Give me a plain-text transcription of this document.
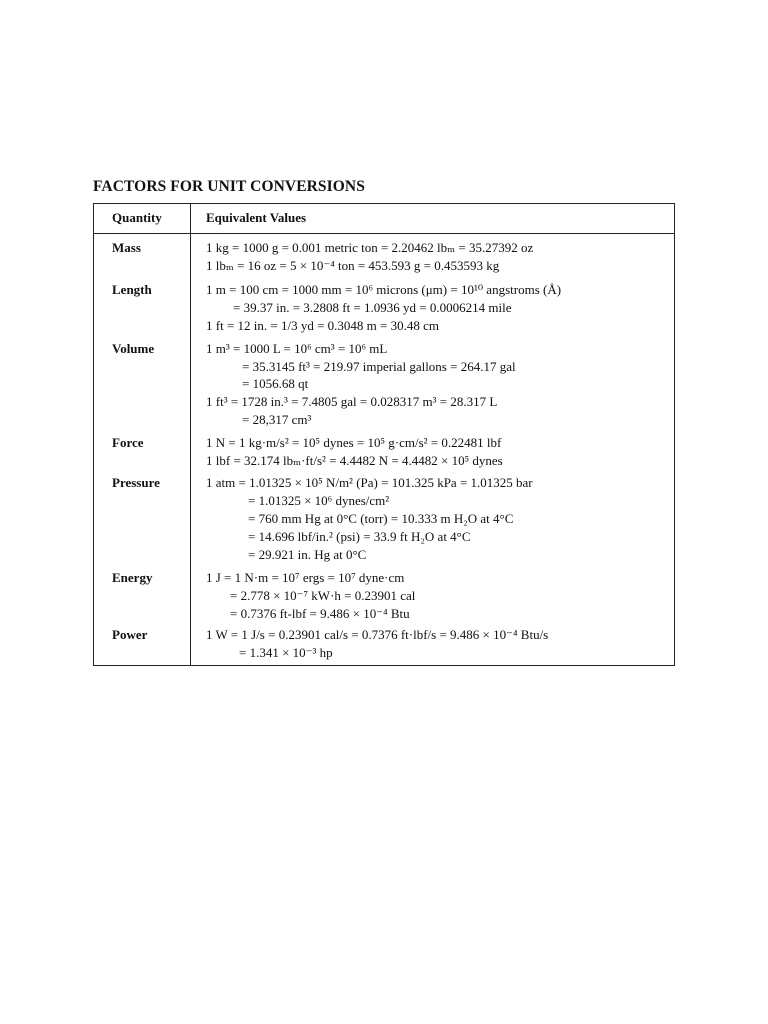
FACTORS FOR UNIT CONVERSIONS
Quantity	Equivalent Values
Mass	1 kg = 1000 g = 0.001 metric ton = 2.20462 lbₘ = 35.27392 oz
1 lbₘ = 16 oz = 5 × 10⁻⁴ ton = 453.593 g = 0.453593 kg
Length	1 m = 100 cm = 1000 mm = 10⁶ microns (μm) = 10¹⁰ angstroms (Å)
= 39.37 in. = 3.2808 ft = 1.0936 yd = 0.0006214 mile
1 ft = 12 in. = 1/3 yd = 0.3048 m = 30.48 cm
Volume	1 m³ = 1000 L = 10⁶ cm³ = 10⁶ mL
= 35.3145 ft³ = 219.97 imperial gallons = 264.17 gal
= 1056.68 qt
1 ft³ = 1728 in.³ = 7.4805 gal = 0.028317 m³ = 28.317 L
= 28,317 cm³
Force	1 N = 1 kg·m/s² = 10⁵ dynes = 10⁵ g·cm/s² = 0.22481 lbf
1 lbf = 32.174 lbₘ·ft/s² = 4.4482 N = 4.4482 × 10⁵ dynes
Pressure	1 atm = 1.01325 × 10⁵ N/m² (Pa) = 101.325 kPa = 1.01325 bar
= 1.01325 × 10⁶ dynes/cm²
= 760 mm Hg at 0°C (torr) = 10.333 m H₂O at 4°C
= 14.696 lbf/in.² (psi) = 33.9 ft H₂O at 4°C
= 29.921 in. Hg at 0°C
Energy	1 J = 1 N·m = 10⁷ ergs = 10⁷ dyne·cm
= 2.778 × 10⁻⁷ kW·h = 0.23901 cal
= 0.7376 ft-lbf = 9.486 × 10⁻⁴ Btu
Power	1 W = 1 J/s = 0.23901 cal/s = 0.7376 ft·lbf/s = 9.486 × 10⁻⁴ Btu/s
= 1.341 × 10⁻³ hp
